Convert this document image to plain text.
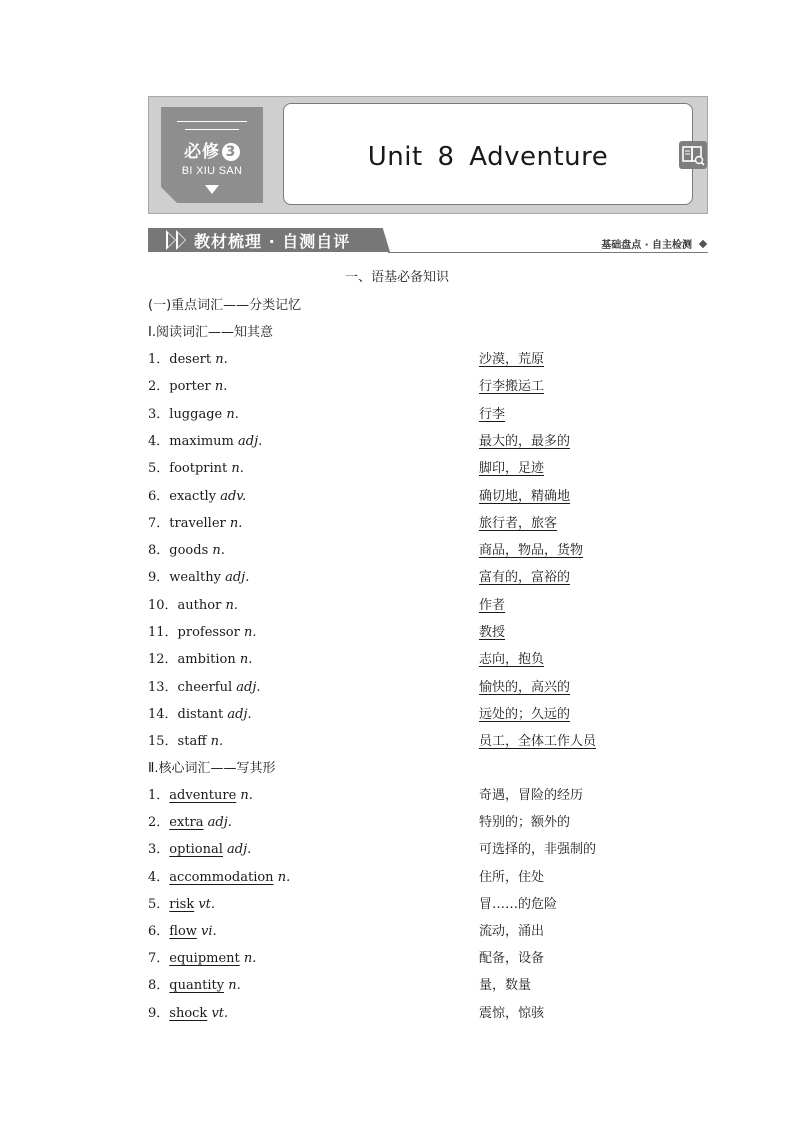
必修 3
BI XIU SAN	Unit 8 Adventure
教材梳理 · 自测自评	基础盘点 · 自主检测
一、语基必备知识
(一)重点词汇——分类记忆
Ⅰ.阅读词汇——知其意
1．desert n.	沙漠，荒原
2．porter n.	行李搬运工
3．luggage n.	行李
4．maximum adj.	最大的，最多的
5．footprint n.	脚印，足迹
6．exactly adv.	确切地，精确地
7．traveller n.	旅行者，旅客
8．goods n.	商品，物品，货物
9．wealthy adj.	富有的，富裕的
10．author n.	作者
11．professor n.	教授
12．ambition n.	志向，抱负
13．cheerful adj.	愉快的，高兴的
14．distant adj.	远处的；久远的
15．staff n.	员工，全体工作人员
Ⅱ.核心词汇——写其形
1．adventure n.	奇遇，冒险的经历
2．extra adj.	特别的；额外的
3．optional adj.	可选择的，非强制的
4．accommodation n.	住所，住处
5．risk vt.	冒……的危险
6．flow vi.	流动，涌出
7．equipment n.	配备，设备
8．quantity n.	量，数量
9．shock vt.	震惊，惊骇
